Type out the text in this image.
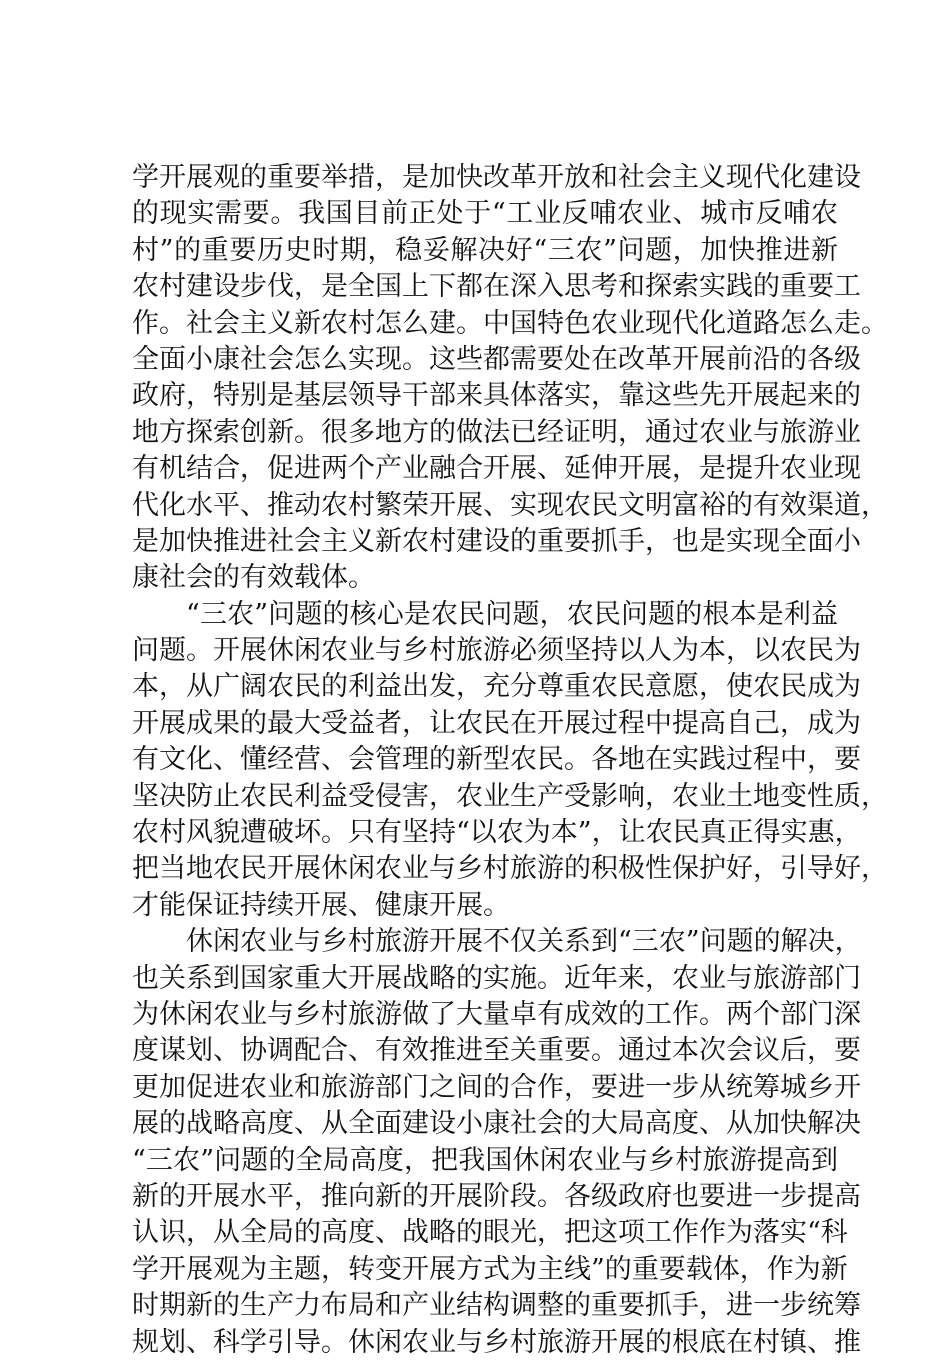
学开展观的重要举措，是加快改革开放和社会主义现代化建设
的现实需要。我国目前正处于“工业反哺农业、城市反哺农
村”的重要历史时期，稳妥解决好“三农”问题，加快推进新
农村建设步伐，是全国上下都在深入思考和探索实践的重要工
作。社会主义新农村怎么建。中国特色农业现代化道路怎么走。
全面小康社会怎么实现。这些都需要处在改革开展前沿的各级
政府，特别是基层领导干部来具体落实，靠这些先开展起来的
地方探索创新。很多地方的做法已经证明，通过农业与旅游业
有机结合，促进两个产业融合开展、延伸开展，是提升农业现
代化水平、推动农村繁荣开展、实现农民文明富裕的有效渠道，
是加快推进社会主义新农村建设的重要抓手，也是实现全面小
康社会的有效载体。
“三农”问题的核心是农民问题，农民问题的根本是利益
问题。开展休闲农业与乡村旅游必须坚持以人为本，以农民为
本，从广阔农民的利益出发，充分尊重农民意愿，使农民成为
开展成果的最大受益者，让农民在开展过程中提高自己，成为
有文化、懂经营、会管理的新型农民。各地在实践过程中，要
坚决防止农民利益受侵害，农业生产受影响，农业土地变性质，
农村风貌遭破坏。只有坚持“以农为本”，让农民真正得实惠，
把当地农民开展休闲农业与乡村旅游的积极性保护好，引导好，
才能保证持续开展、健康开展。
休闲农业与乡村旅游开展不仅关系到“三农”问题的解决，
也关系到国家重大开展战略的实施。近年来，农业与旅游部门
为休闲农业与乡村旅游做了大量卓有成效的工作。两个部门深
度谋划、协调配合、有效推进至关重要。通过本次会议后，要
更加促进农业和旅游部门之间的合作，要进一步从统筹城乡开
展的战略高度、从全面建设小康社会的大局高度、从加快解决
“三农”问题的全局高度，把我国休闲农业与乡村旅游提高到
新的开展水平，推向新的开展阶段。各级政府也要进一步提高
认识，从全局的高度、战略的眼光，把这项工作作为落实“科
学开展观为主题，转变开展方式为主线”的重要载体，作为新
时期新的生产力布局和产业结构调整的重要抓手，进一步统筹
规划、科学引导。休闲农业与乡村旅游开展的根底在村镇、推
